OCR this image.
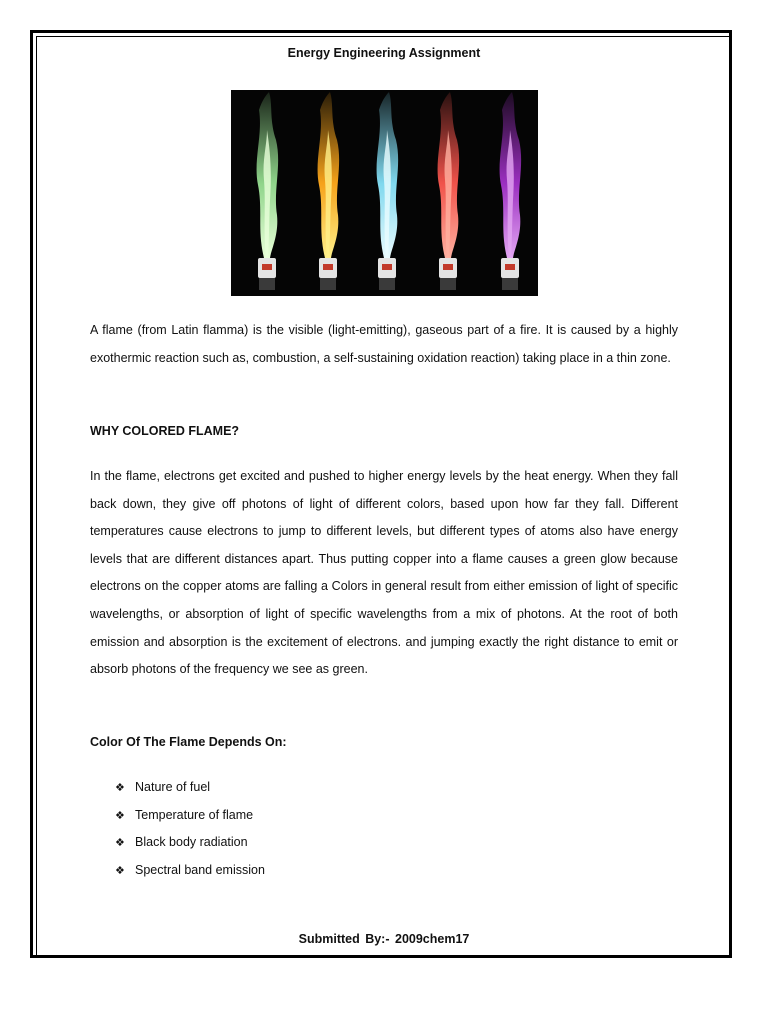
Energy Engineering Assignment

A flame (from Latin flamma) is the visible (light-emitting), gaseous part of a fire. It is caused by a highly exothermic reaction such as, combustion, a self-sustaining oxidation reaction) taking place in a thin zone.

WHY COLORED FLAME?

In the flame, electrons get excited and pushed to higher energy levels by the heat energy. When they fall back down, they give off photons of light of different colors, based upon how far they fall. Different temperatures cause electrons to jump to different levels, but different types of atoms also have energy levels that are different distances apart. Thus putting copper into a flame causes a green glow because electrons on the copper atoms are falling a Colors in general result from either emission of light of specific wavelengths, or absorption of light of specific wavelengths from a mix of photons. At the root of both emission and absorption is the excitement of electrons. and jumping exactly the right distance to emit or absorb photons of the frequency we see as green.

Color Of The Flame Depends On:
❖ Nature of fuel
❖ Temperature of flame
❖ Black body radiation
❖ Spectral band emission
Submitted By:- 2009chem17
